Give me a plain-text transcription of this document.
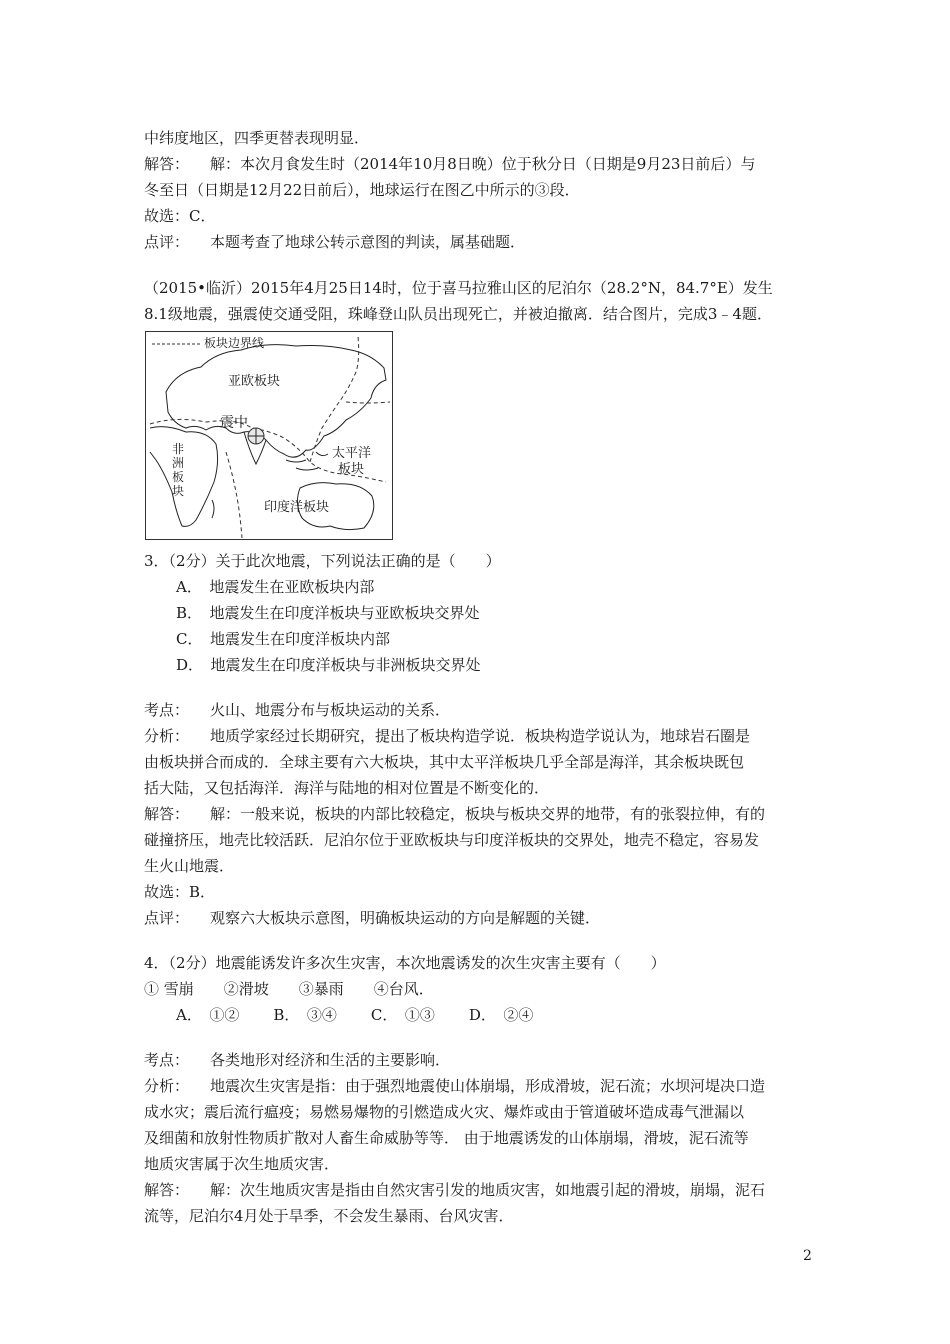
中纬度地区，四季更替表现明显．
解答： 解：本次月食发生时（2014年10月8日晚）位于秋分日（日期是9月23日前后）与
冬至日（日期是12月22日前后），地球运行在图乙中所示的③段．
故选：C．
点评： 本题考查了地球公转示意图的判读，属基础题．
（2015•临沂）2015年4月25日14时，位于喜马拉雅山区的尼泊尔（28.2°N，84.7°E）发生
8.1级地震，强震使交通受阻，珠峰登山队员出现死亡，并被迫撤离．结合图片，完成3﹣4题．
板块边界线
亚欧板块
震中
太平洋
板块
非洲板块
印度洋板块
3．（2分）关于此次地震，下列说法正确的是（　　）
A．　地震发生在亚欧板块内部
B．　地震发生在印度洋板块与亚欧板块交界处
C．　地震发生在印度洋板块内部
D．　地震发生在印度洋板块与非洲板块交界处
考点： 火山、地震分布与板块运动的关系．
分析： 地质学家经过长期研究，提出了板块构造学说．板块构造学说认为，地球岩石圈是
由板块拼合而成的．全球主要有六大板块，其中太平洋板块几乎全部是海洋，其余板块既包
括大陆，又包括海洋．海洋与陆地的相对位置是不断变化的．
解答： 解：一般来说，板块的内部比较稳定，板块与板块交界的地带，有的张裂拉伸，有的
碰撞挤压，地壳比较活跃．尼泊尔位于亚欧板块与印度洋板块的交界处，地壳不稳定，容易发
生火山地震．
故选：B．
点评： 观察六大板块示意图，明确板块运动的方向是解题的关键．
4．（2分）地震能诱发许多次生灾害，本次地震诱发的次生灾害主要有（　　）
① 雪崩　　②滑坡　　③暴雨　　④台风．
A．　①② B．　③④ C．　①③ D．　②④
考点： 各类地形对经济和生活的主要影响．
分析： 地震次生灾害是指：由于强烈地震使山体崩塌，形成滑坡，泥石流；水坝河堤决口造
成水灾；震后流行瘟疫；易燃易爆物的引燃造成火灾、爆炸或由于管道破坏造成毒气泄漏以
及细菌和放射性物质扩散对人畜生命威胁等等． 由于地震诱发的山体崩塌，滑坡，泥石流等
地质灾害属于次生地质灾害．
解答： 解：次生地质灾害是指由自然灾害引发的地质灾害，如地震引起的滑坡，崩塌，泥石
流等，尼泊尔4月处于旱季，不会发生暴雨、台风灾害．
2
